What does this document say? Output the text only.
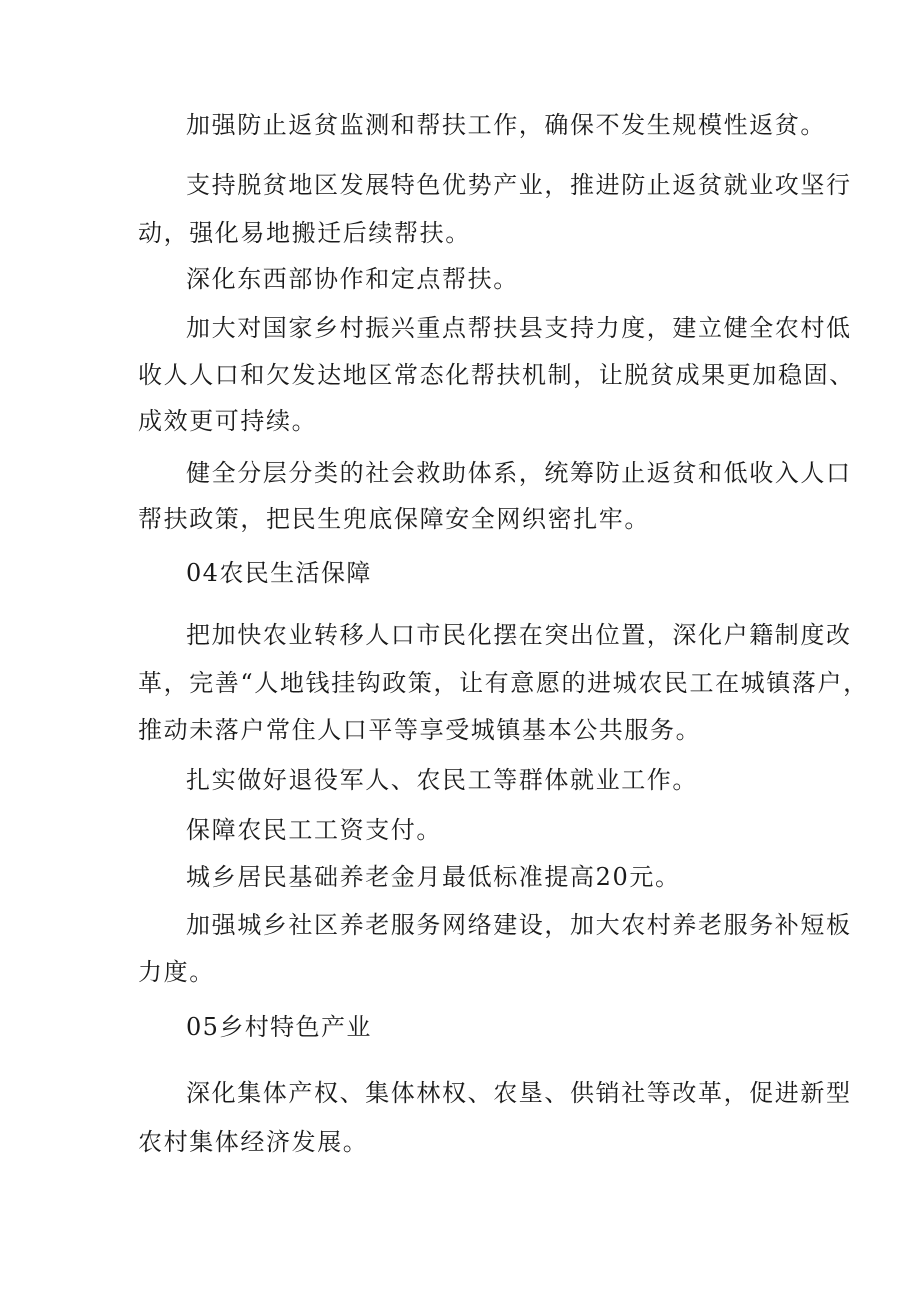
加强防止返贫监测和帮扶工作，确保不发生规模性返贫。
支持脱贫地区发展特色优势产业，推进防止返贫就业攻坚行
动，强化易地搬迁后续帮扶。
深化东西部协作和定点帮扶。
加大对国家乡村振兴重点帮扶县支持力度，建立健全农村低
收人人口和欠发达地区常态化帮扶机制，让脱贫成果更加稳固、
成效更可持续。
健全分层分类的社会救助体系，统筹防止返贫和低收入人口
帮扶政策，把民生兜底保障安全网织密扎牢。
04农民生活保障
把加快农业转移人口市民化摆在突出位置，深化户籍制度改
革，完善“人地钱挂钩政策，让有意愿的进城农民工在城镇落户，
推动未落户常住人口平等享受城镇基本公共服务。
扎实做好退役军人、农民工等群体就业工作。
保障农民工工资支付。
城乡居民基础养老金月最低标准提高20元。
加强城乡社区养老服务网络建设，加大农村养老服务补短板
力度。
05乡村特色产业
深化集体产权、集体林权、农垦、供销社等改革，促进新型
农村集体经济发展。
